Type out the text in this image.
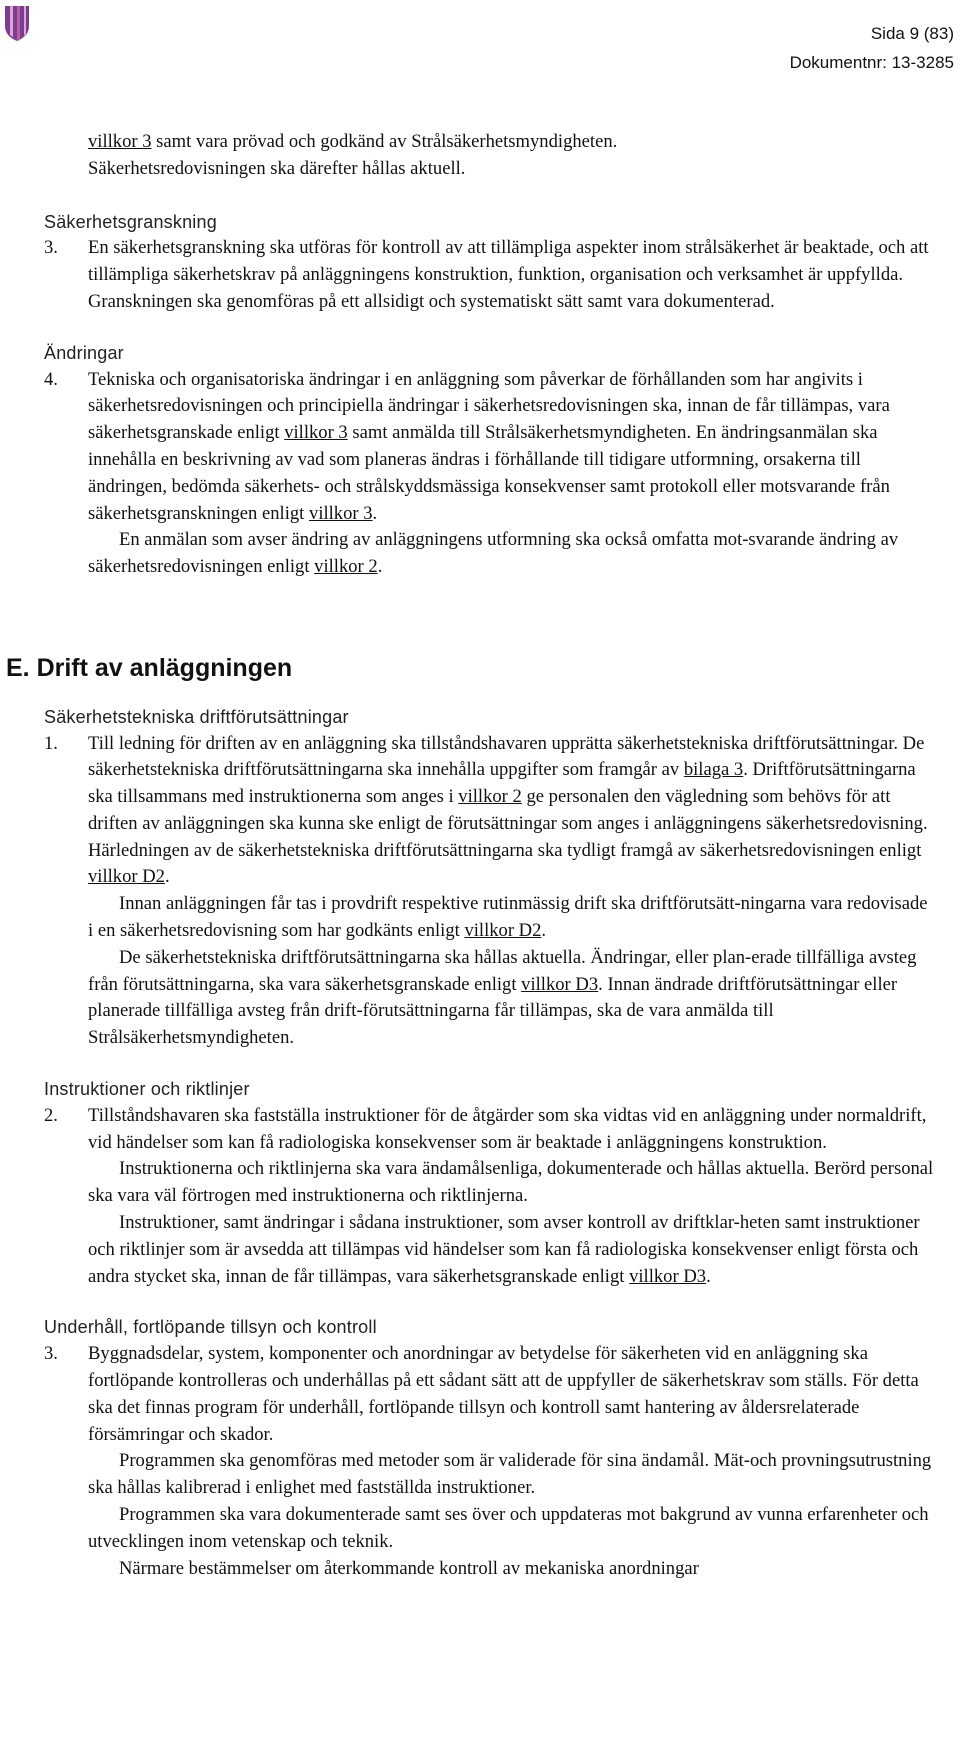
Sida 9 (83)
Dokumentnr: 13-3285

villkor 3 samt vara prövad och godkänd av Strålsäkerhetsmyndigheten.
Säkerhetsredovisningen ska därefter hållas aktuell.

Säkerhetsgranskning

3. En säkerhetsgranskning ska utföras för kontroll av att tillämpliga aspekter inom strålsäkerhet är beaktade, och att tillämpliga säkerhetskrav på anläggningens konstruktion, funktion, organisation och verksamhet är uppfyllda. Granskningen ska genomföras på ett allsidigt och systematiskt sätt samt vara dokumenterad.

Ändringar

4. Tekniska och organisatoriska ändringar i en anläggning som påverkar de förhållanden som har angivits i säkerhetsredovisningen och principiella ändringar i säkerhetsredovisningen ska, innan de får tillämpas, vara säkerhetsgranskade enligt villkor 3 samt anmälda till Strålsäkerhetsmyndigheten. En ändringsanmälan ska innehålla en beskrivning av vad som planeras ändras i förhållande till tidigare utformning, orsakerna till ändringen, bedömda säkerhets- och strålskyddsmässiga konsekvenser samt protokoll eller motsvarande från säkerhetsgranskningen enligt villkor 3.
En anmälan som avser ändring av anläggningens utformning ska också omfatta mot-svarande ändring av säkerhetsredovisningen enligt villkor 2.
E. Drift av anläggningen

Säkerhetstekniska driftförutsättningar

1. Till ledning för driften av en anläggning ska tillståndshavaren upprätta säkerhetstekniska driftförutsättningar. De säkerhetstekniska driftförutsättningarna ska innehålla uppgifter som framgår av bilaga 3. Driftförutsättningarna ska tillsammans med instruktionerna som anges i villkor 2 ge personalen den vägledning som behövs för att driften av anläggningen ska kunna ske enligt de förutsättningar som anges i anläggningens säkerhetsredovisning. Härledningen av de säkerhetstekniska driftförutsättningarna ska tydligt framgå av säkerhetsredovisningen enligt villkor D2.
Innan anläggningen får tas i provdrift respektive rutinmässig drift ska driftförutsätt-ningarna vara redovisade i en säkerhetsredovisning som har godkänts enligt villkor D2.
De säkerhetstekniska driftförutsättningarna ska hållas aktuella. Ändringar, eller plan-erade tillfälliga avsteg från förutsättningarna, ska vara säkerhetsgranskade enligt villkor D3. Innan ändrade driftförutsättningar eller planerade tillfälliga avsteg från drift-förutsättningarna får tillämpas, ska de vara anmälda till Strålsäkerhetsmyndigheten.

Instruktioner och riktlinjer

2. Tillståndshavaren ska fastställa instruktioner för de åtgärder som ska vidtas vid en anläggning under normaldrift, vid händelser som kan få radiologiska konsekvenser som är beaktade i anläggningens konstruktion.
Instruktionerna och riktlinjerna ska vara ändamålsenliga, dokumenterade och hållas aktuella. Berörd personal ska vara väl förtrogen med instruktionerna och riktlinjerna.
Instruktioner, samt ändringar i sådana instruktioner, som avser kontroll av driftklar-heten samt instruktioner och riktlinjer som är avsedda att tillämpas vid händelser som kan få radiologiska konsekvenser enligt första och andra stycket ska, innan de får tillämpas, vara säkerhetsgranskade enligt villkor D3.

Underhåll, fortlöpande tillsyn och kontroll

3. Byggnadsdelar, system, komponenter och anordningar av betydelse för säkerheten vid en anläggning ska fortlöpande kontrolleras och underhållas på ett sådant sätt att de uppfyller de säkerhetskrav som ställs. För detta ska det finnas program för underhåll, fortlöpande tillsyn och kontroll samt hantering av åldersrelaterade försämringar och skador.
Programmen ska genomföras med metoder som är validerade för sina ändamål. Mät-och provningsutrustning ska hållas kalibrerad i enlighet med fastställda instruktioner.
Programmen ska vara dokumenterade samt ses över och uppdateras mot bakgrund av vunna erfarenheter och utvecklingen inom vetenskap och teknik.
Närmare bestämmelser om återkommande kontroll av mekaniska anordningar
